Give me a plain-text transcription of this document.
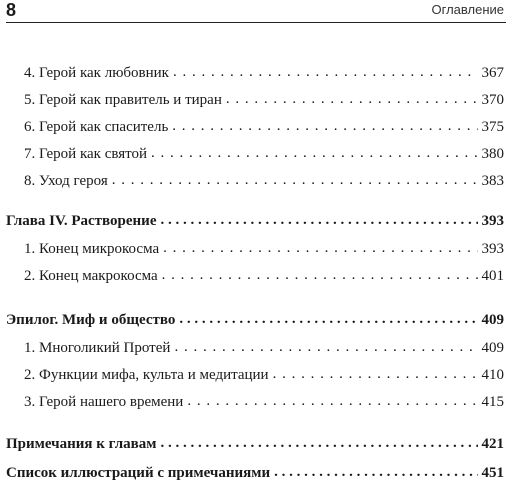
8	Оглавление
4. Герой как любовник . . .	367
5. Герой как правитель и тиран . . .	370
6. Герой как спаситель . . .	375
7. Герой как святой . . .	380
8. Уход героя . . .	383
Глава IV. Растворение . . .	393
1. Конец микрокосма . . .	393
2. Конец макрокосма . . .	401
Эпилог. Миф и общество . . .	409
1. Многоликий Протей . . .	409
2. Функции мифа, культа и медитации . . .	410
3. Герой нашего времени . . .	415
Примечания к главам . . .	421
Список иллюстраций с примечаниями . . .	451
